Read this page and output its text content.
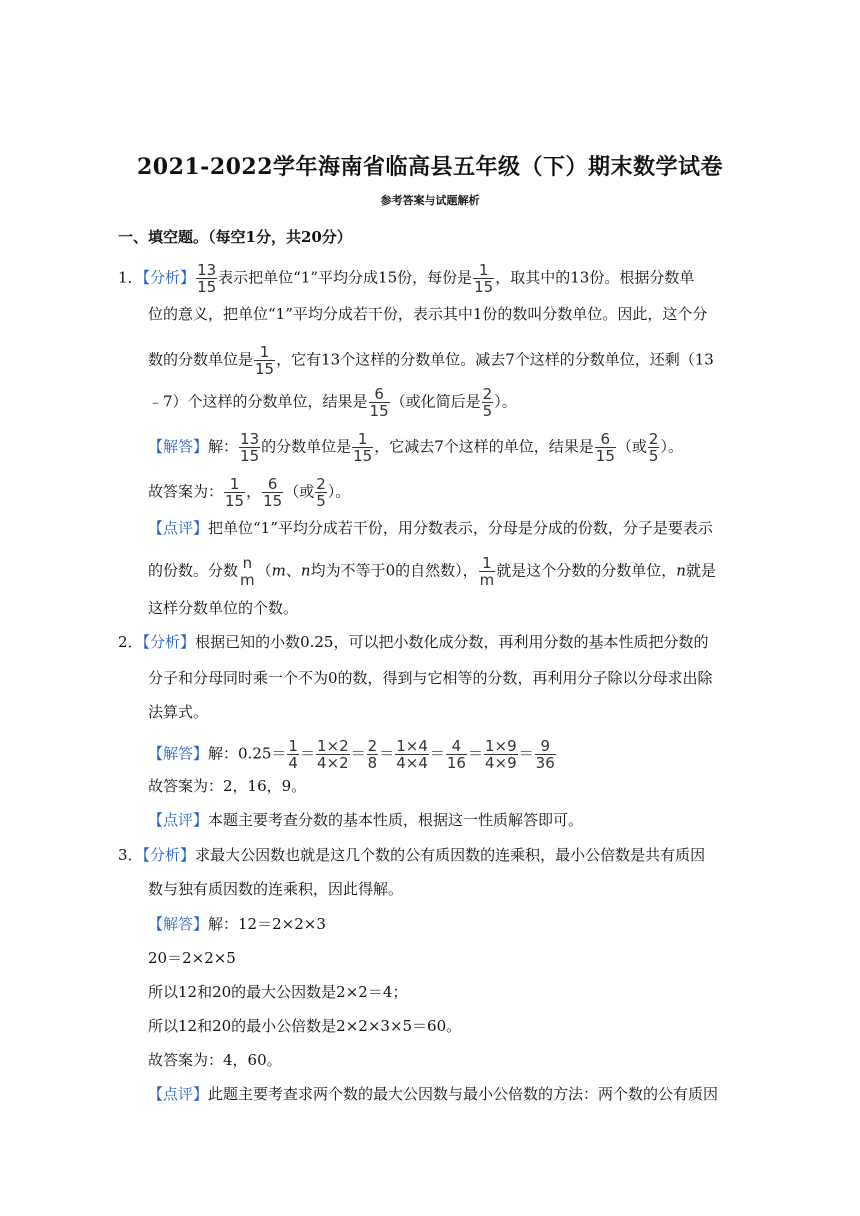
2021-2022学年海南省临高县五年级（下）期末数学试卷
参考答案与试题解析
一、填空题。（每空1分，共20分）
1．【分析】 $\frac{13}{15}$ 表示把单位“1”平均分成15份，每份是 $\frac{1}{15}$ ，取其中的13份。根据分数单
位的意义，把单位“1”平均分成若干份，表示其中1份的数叫分数单位。因此，这个分
数的分数单位是 $\frac{1}{15}$ ，它有13个这样的分数单位。减去7个这样的分数单位，还剩（13
﹣7）个这样的分数单位，结果是 $\frac{6}{15}$ （或化简后是 $\frac{2}{5}$ ）。
【解答】解： $\frac{13}{15}$ 的分数单位是 $\frac{1}{15}$ ，它减去7个这样的单位，结果是 $\frac{6}{15}$ （或 $\frac{2}{5}$ ）。
故答案为： $\frac{1}{15}$ ， $\frac{6}{15}$ （或 $\frac{2}{5}$ ）。
【点评】把单位“1”平均分成若干份，用分数表示，分母是分成的份数，分子是要表示
的份数。分数 n
m
（m、n均为不等于0的自然数）， $\frac{1}{m}$ 就是这个分数的分数单位，n就是
这样分数单位的个数。
2．【分析】根据已知的小数0.25，可以把小数化成分数，再利用分数的基本性质把分数的
分子和分母同时乘一个不为0的数，得到与它相等的分数，再利用分子除以分母求出除
法算式。
【解答】解：$0.25= \frac{1}{4} = \frac{1\times 2}{4\times 2} = \frac{2}{8} = \frac{1\times 4}{4\times 4} = \frac{4}{16} = \frac{1\times 9}{4\times 9} = \frac{9}{36}$
故答案为：2，16，9。
【点评】本题主要考查分数的基本性质，根据这一性质解答即可。
3．【分析】求最大公因数也就是这几个数的公有质因数的连乘积，最小公倍数是共有质因
数与独有质因数的连乘积，因此得解。
【解答】解：12＝2×2×3
20＝2×2×5
所以12和20的最大公因数是2×2＝4；
所以12和20的最小公倍数是2×2×3×5＝60。
故答案为：4，60。
【点评】此题主要考查求两个数的最大公因数与最小公倍数的方法：两个数的公有质因
